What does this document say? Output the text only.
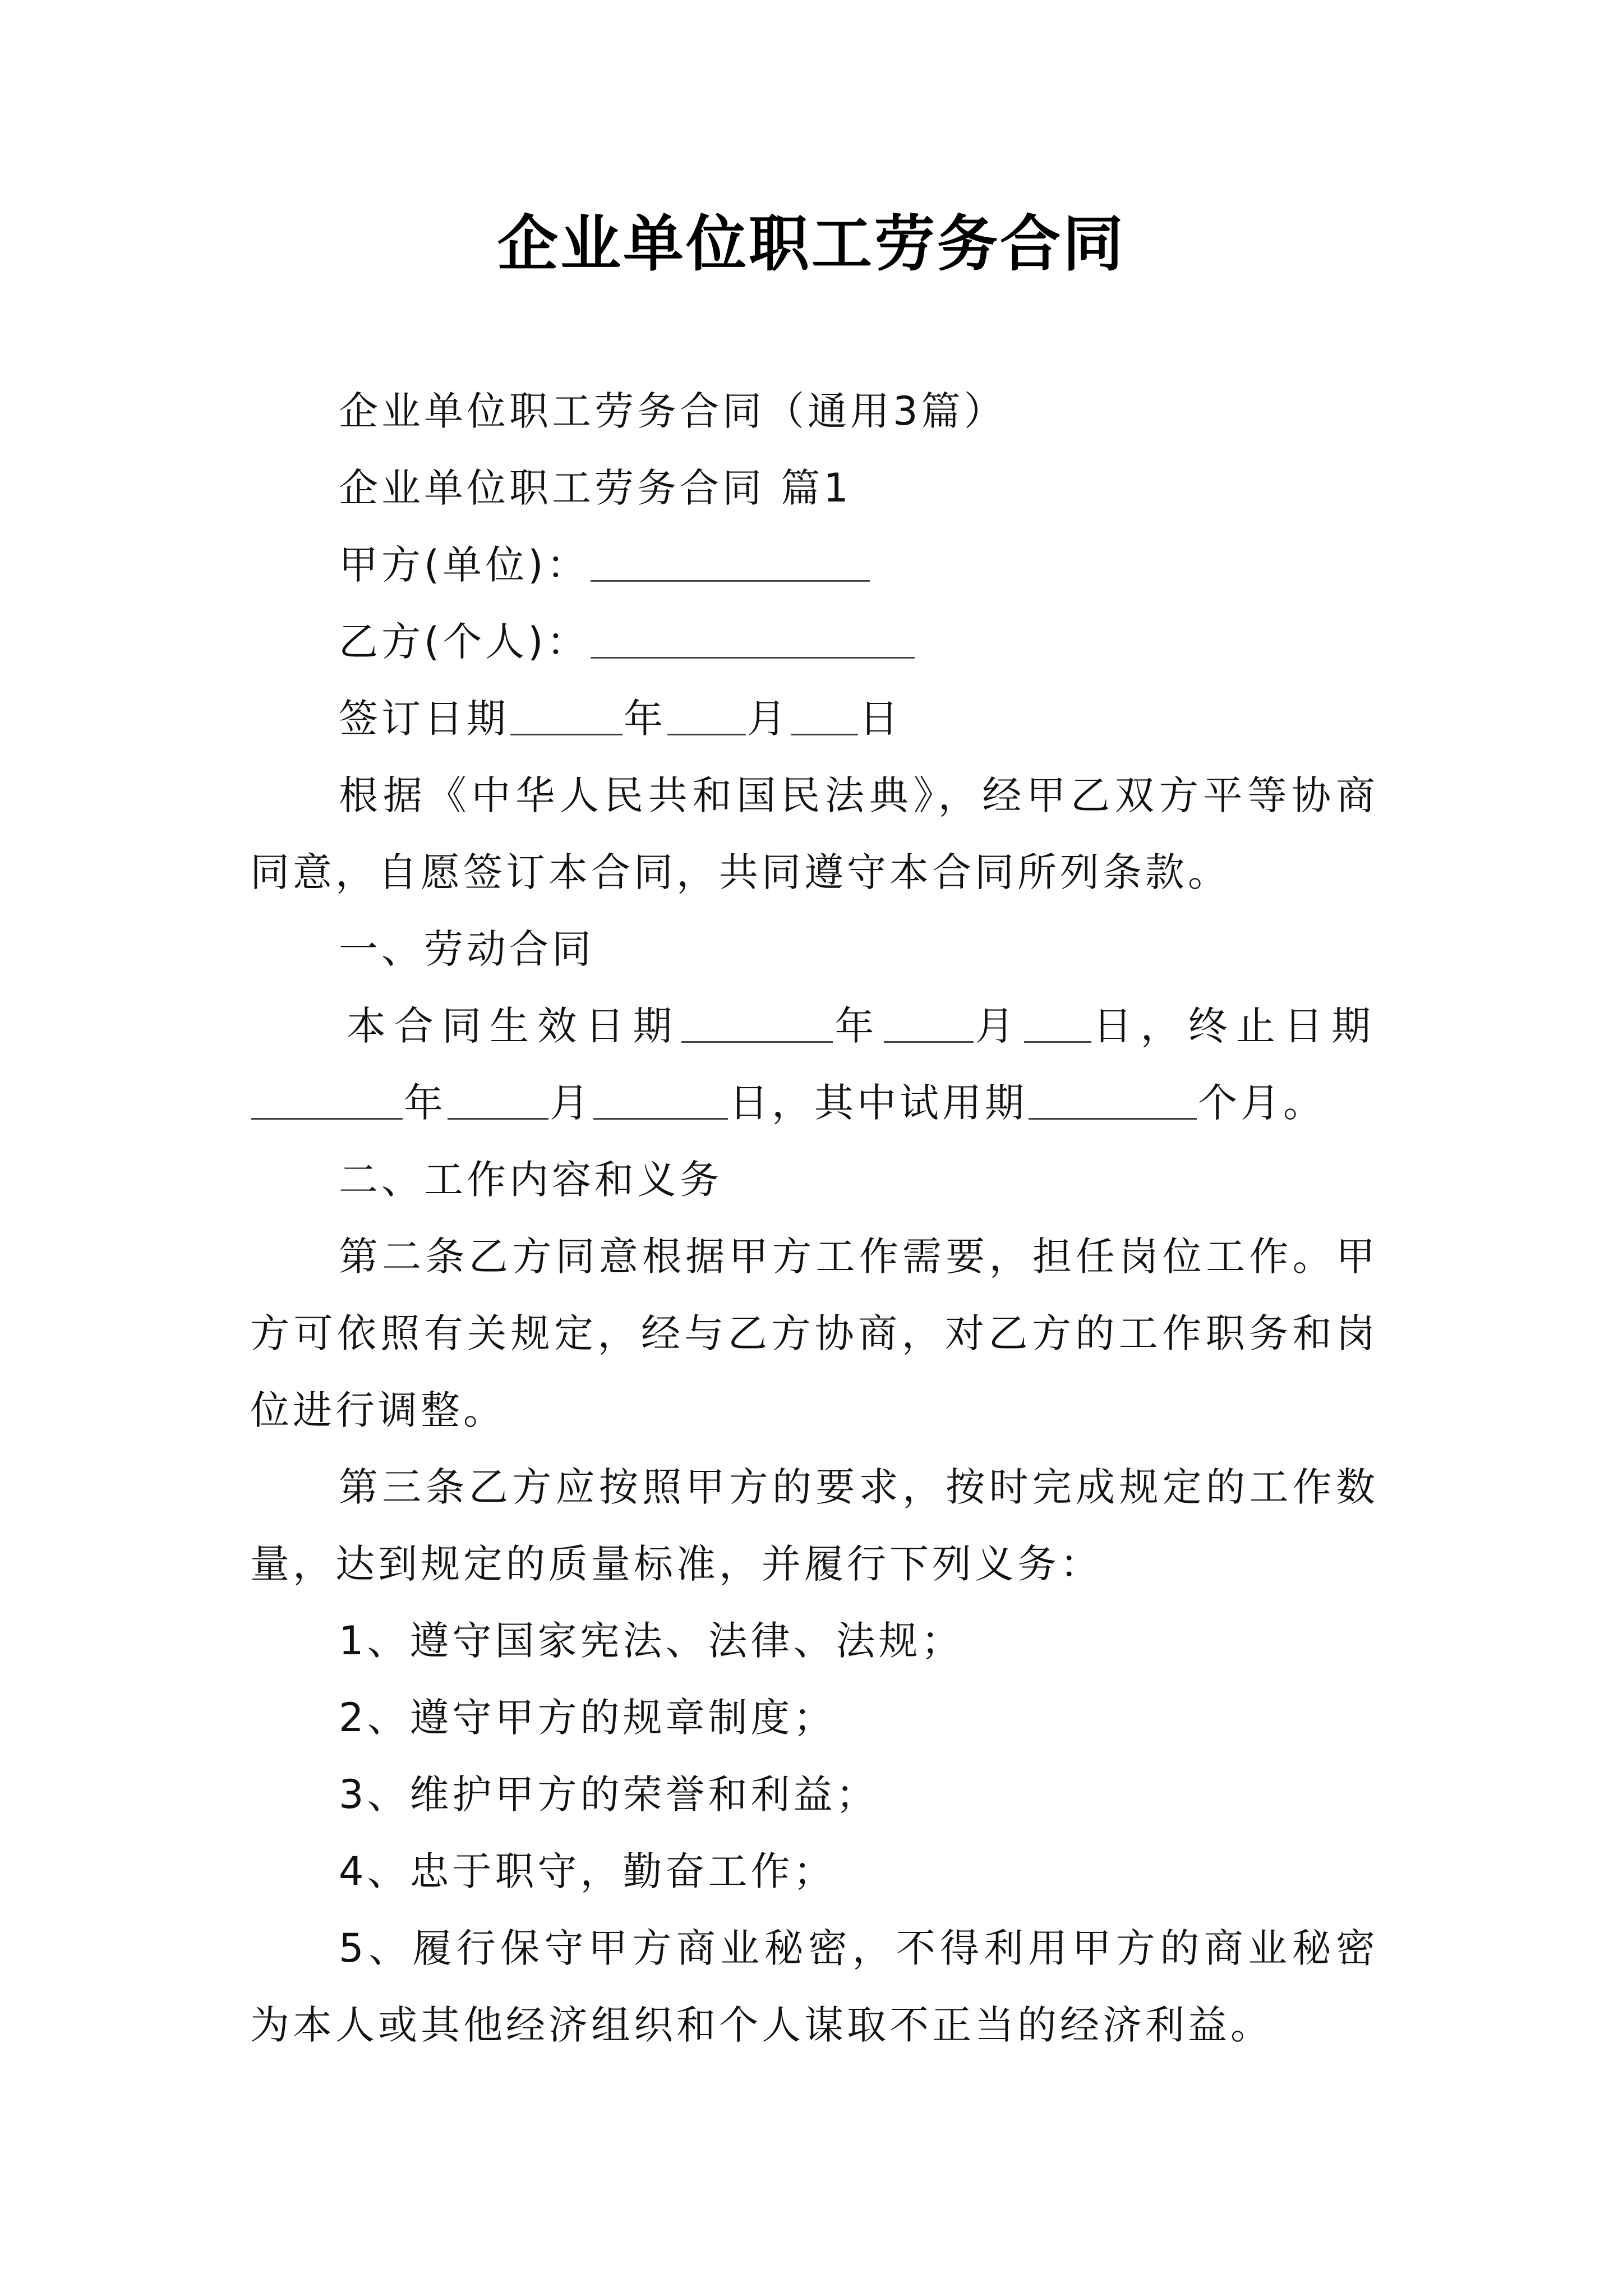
企业单位职工劳务合同

企业单位职工劳务合同（通用3篇）

企业单位职工劳务合同 篇1

甲方(单位)：

乙方(个人)：

签订日期	年 月 日

根据《中华人民共和国民法典》，经甲乙双方平等协商同意，自愿签订本合同，共同遵守本合同所列条款。

一、劳动合同

本合同生效日期	年 月 日，终止日期

年	月	日，其中试用期	个月。

二、工作内容和义务

第二条乙方同意根据甲方工作需要，担任岗位工作。甲方可依照有关规定，经与乙方协商，对乙方的工作职务和岗位进行调整。

第三条乙方应按照甲方的要求，按时完成规定的工作数量，达到规定的质量标准，并履行下列义务：

1、遵守国家宪法、法律、法规；

2、遵守甲方的规章制度；

3、维护甲方的荣誉和利益；

4、忠于职守，勤奋工作；

5、履行保守甲方商业秘密，不得利用甲方的商业秘密为本人或其他经济组织和个人谋取不正当的经济利益。
